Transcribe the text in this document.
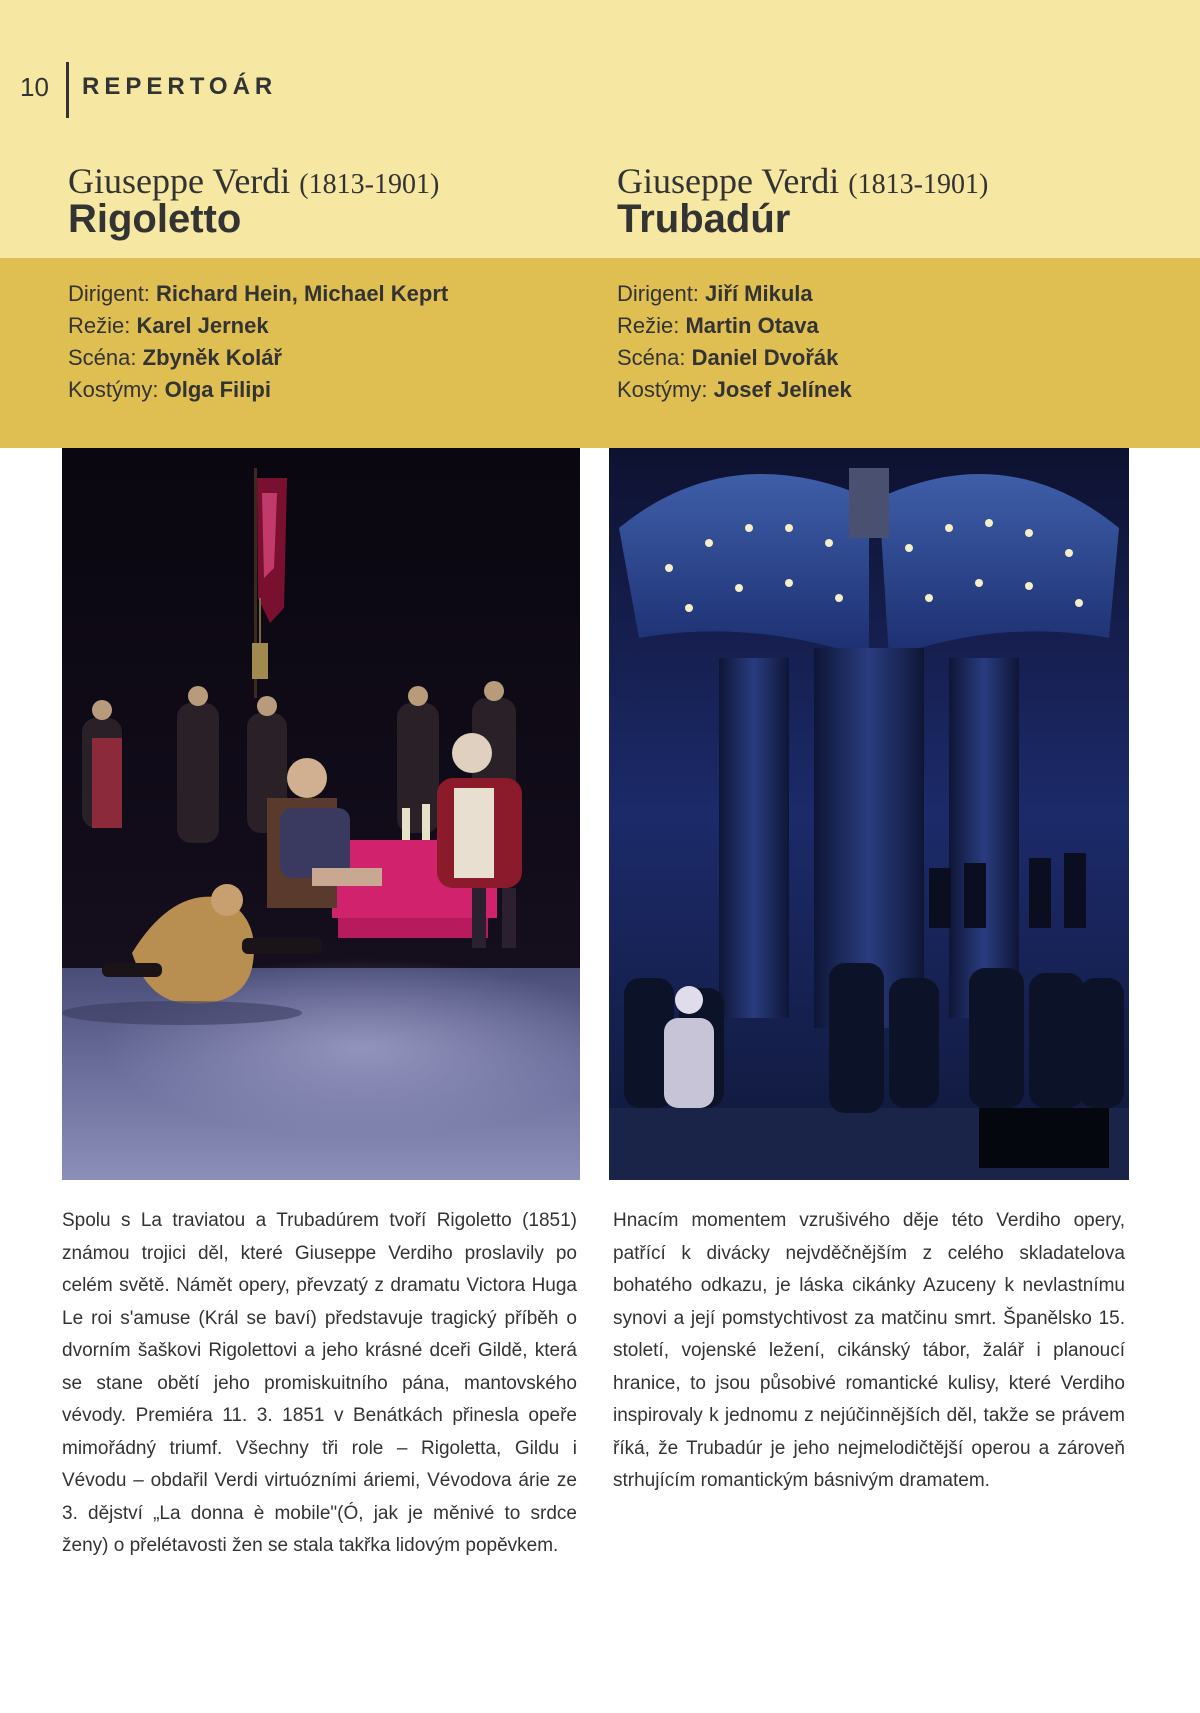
10 REPERTOÁR
Giuseppe Verdi (1813-1901)
Rigoletto
Dirigent: Richard Hein, Michael Keprt
Režie: Karel Jernek
Scéna: Zbyněk Kolář
Kostýmy: Olga Filipi
Giuseppe Verdi (1813-1901)
Trubadúr
Dirigent: Jiří Mikula
Režie: Martin Otava
Scéna: Daniel Dvořák
Kostýmy: Josef Jelínek
Spolu s La traviatou a Trubadúrem tvoří Rigoletto (1851) známou trojici děl, které Giuseppe Verdiho proslavily po celém světě. Námět opery, převzatý z dramatu Victora Huga Le roi s'amuse (Král se baví) představuje tragický příběh o dvorním šaškovi Rigolettovi a jeho krásné dceři Gildě, která se stane obětí jeho promiskuitního pána, mantovského vévody. Premiéra 11. 3. 1851 v Benátkách přinesla opeře mimořádný triumf. Všechny tři role – Rigoletta, Gildu i Vévodu – obdařil Verdi virtuózními áriemi, Vévodova árie ze 3. dějství „La donna è mobile"(Ó, jak je měnivé to srdce ženy) o přelétavosti žen se stala takřka lidovým popěvkem.
Hnacím momentem vzrušivého děje této Verdiho opery, patřící k divácky nejvděčnějším z celého skladatelova bohatého odkazu, je láska cikánky Azuceny k nevlastnímu synovi a její pomstychtivost za matčinu smrt. Španělsko 15. století, vojenské ležení, cikánský tábor, žalář i planoucí hranice, to jsou působivé romantické kulisy, které Verdiho inspirovaly k jednomu z nejúčinnějších děl, takže se právem říká, že Trubadúr je jeho nejmelodičtější operou a zároveň strhujícím romantickým básnivým dramatem.
